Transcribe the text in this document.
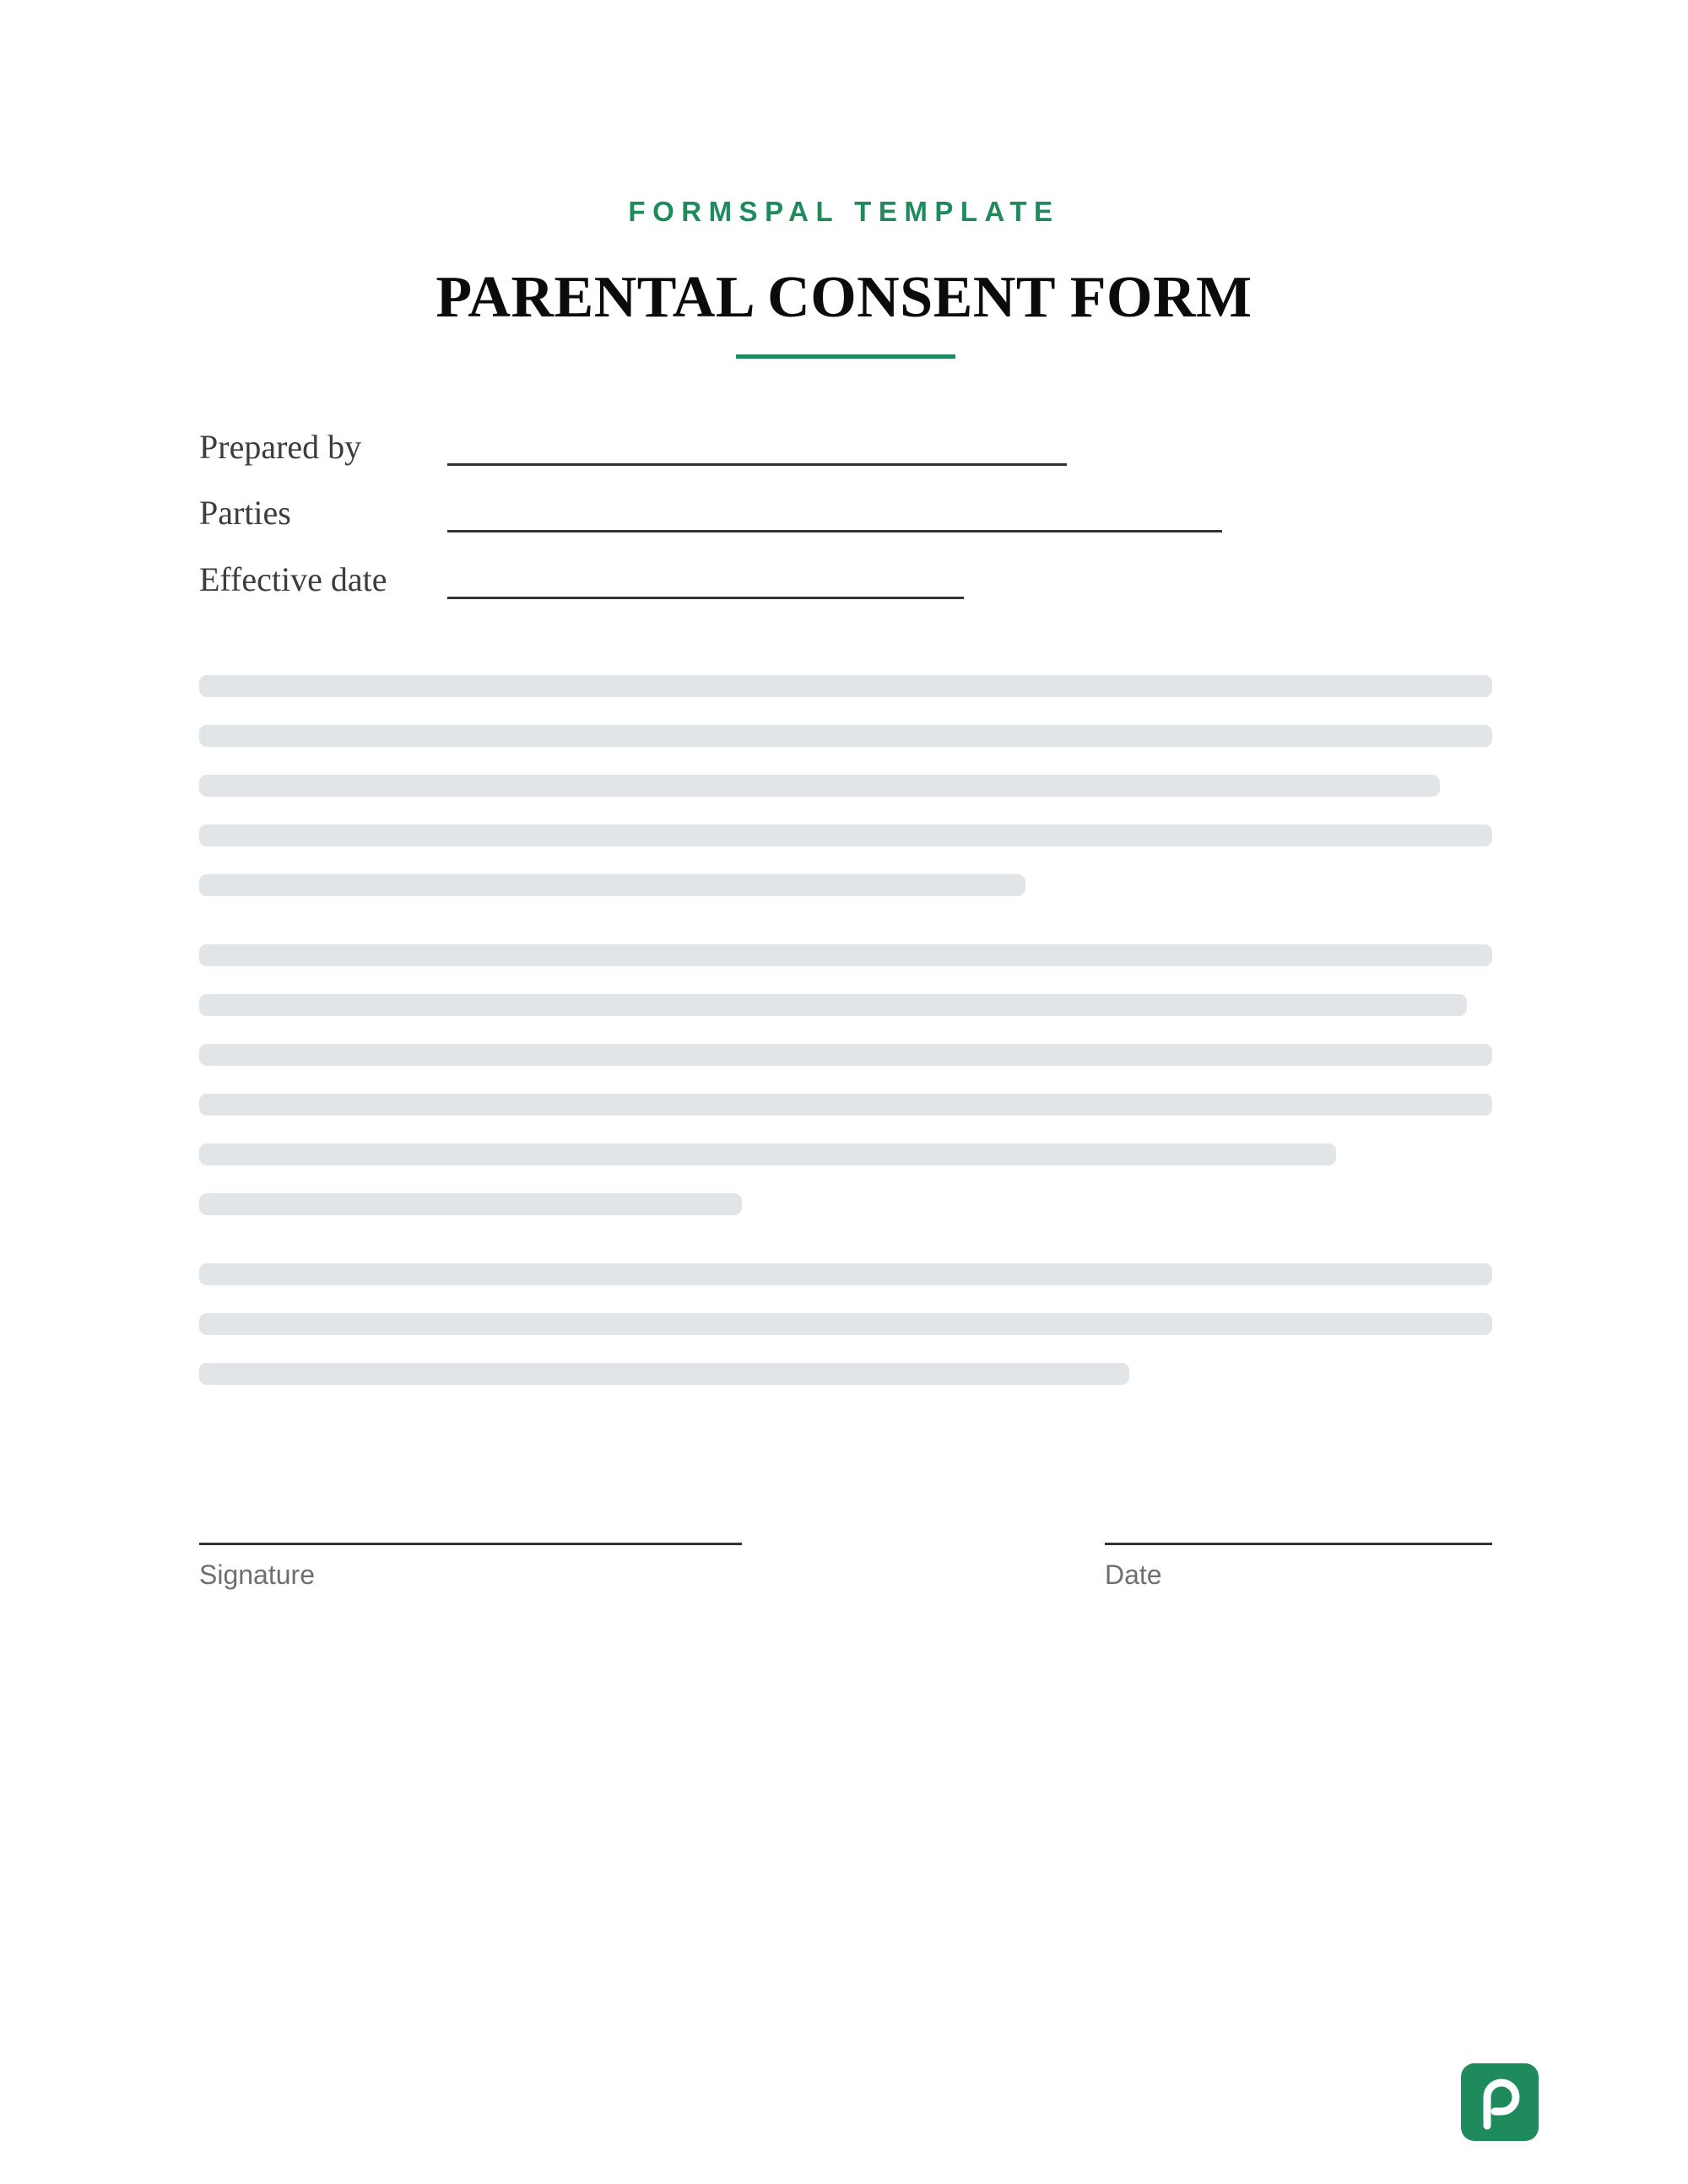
FORMSPAL TEMPLATE
PARENTAL CONSENT FORM
Prepared by
Parties
Effective date
Signature	Date
